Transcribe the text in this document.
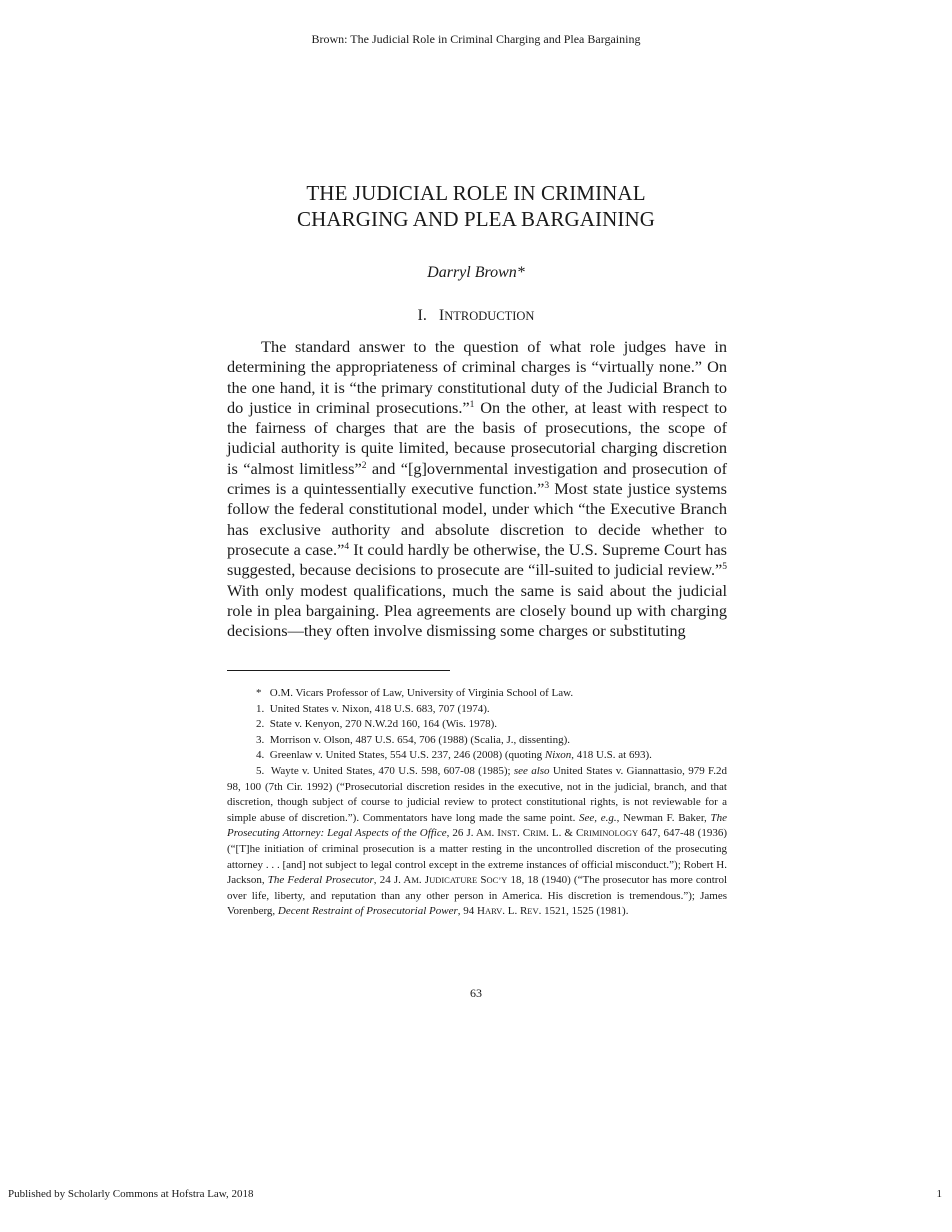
Brown: The Judicial Role in Criminal Charging and Plea Bargaining
THE JUDICIAL ROLE IN CRIMINAL
CHARGING AND PLEA BARGAINING
Darryl Brown*
I. INTRODUCTION

The standard answer to the question of what role judges have in determining the appropriateness of criminal charges is “virtually none.” On the one hand, it is “the primary constitutional duty of the Judicial Branch to do justice in criminal prosecutions.”$^1$ On the other, at least with respect to the fairness of charges that are the basis of prosecutions, the scope of judicial authority is quite limited, because prosecutorial charging discretion is “almost limitless”$^2$ and “[g]overnmental investigation and prosecution of crimes is a quintessentially executive function.”$^3$ Most state justice systems follow the federal constitutional model, under which “the Executive Branch has exclusive authority and absolute discretion to decide whether to prosecute a case.”$^4$ It could hardly be otherwise, the U.S. Supreme Court has suggested, because decisions to prosecute are “ill-suited to judicial review.”$^5$ With only modest qualifications, much the same is said about the judicial role in plea bargaining. Plea agreements are closely bound up with charging decisions—they often involve dismissing some charges or substituting

* O.M. Vicars Professor of Law, University of Virginia School of Law.

1. United States v. Nixon, 418 U.S. 683, 707 (1974).

2. State v. Kenyon, 270 N.W.2d 160, 164 (Wis. 1978).

3. Morrison v. Olson, 487 U.S. 654, 706 (1988) (Scalia, J., dissenting).

4. Greenlaw v. United States, 554 U.S. 237, 246 (2008) (quoting Nixon, 418 U.S. at 693).

5. Wayte v. United States, 470 U.S. 598, 607-08 (1985); see also United States v. Giannattasio, 979 F.2d 98, 100 (7th Cir. 1992) (“Prosecutorial discretion resides in the executive, not in the judicial, branch, and that discretion, though subject of course to judicial review to protect constitutional rights, is not reviewable for a simple abuse of discretion.”). Commentators have long made the same point. See, e.g., Newman F. Baker, The Prosecuting Attorney: Legal Aspects of the Office, 26 J. AM. INST. CRIM. L. & CRIMINOLOGY 647, 647-48 (1936) (“[T]he initiation of criminal prosecution is a matter resting in the uncontrolled discretion of the prosecuting attorney . . . [and] not subject to legal control except in the extreme instances of official misconduct.”); Robert H. Jackson, The Federal Prosecutor, 24 J. AM. JUDICATURE SOC’Y 18, 18 (1940) (“The prosecutor has more control over life, liberty, and reputation than any other person in America. His discretion is tremendous.”); James Vorenberg, Decent Restraint of Prosecutorial Power, 94 HARV. L. REV. 1521, 1525 (1981).

63
Published by Scholarly Commons at Hofstra Law, 2018	1
